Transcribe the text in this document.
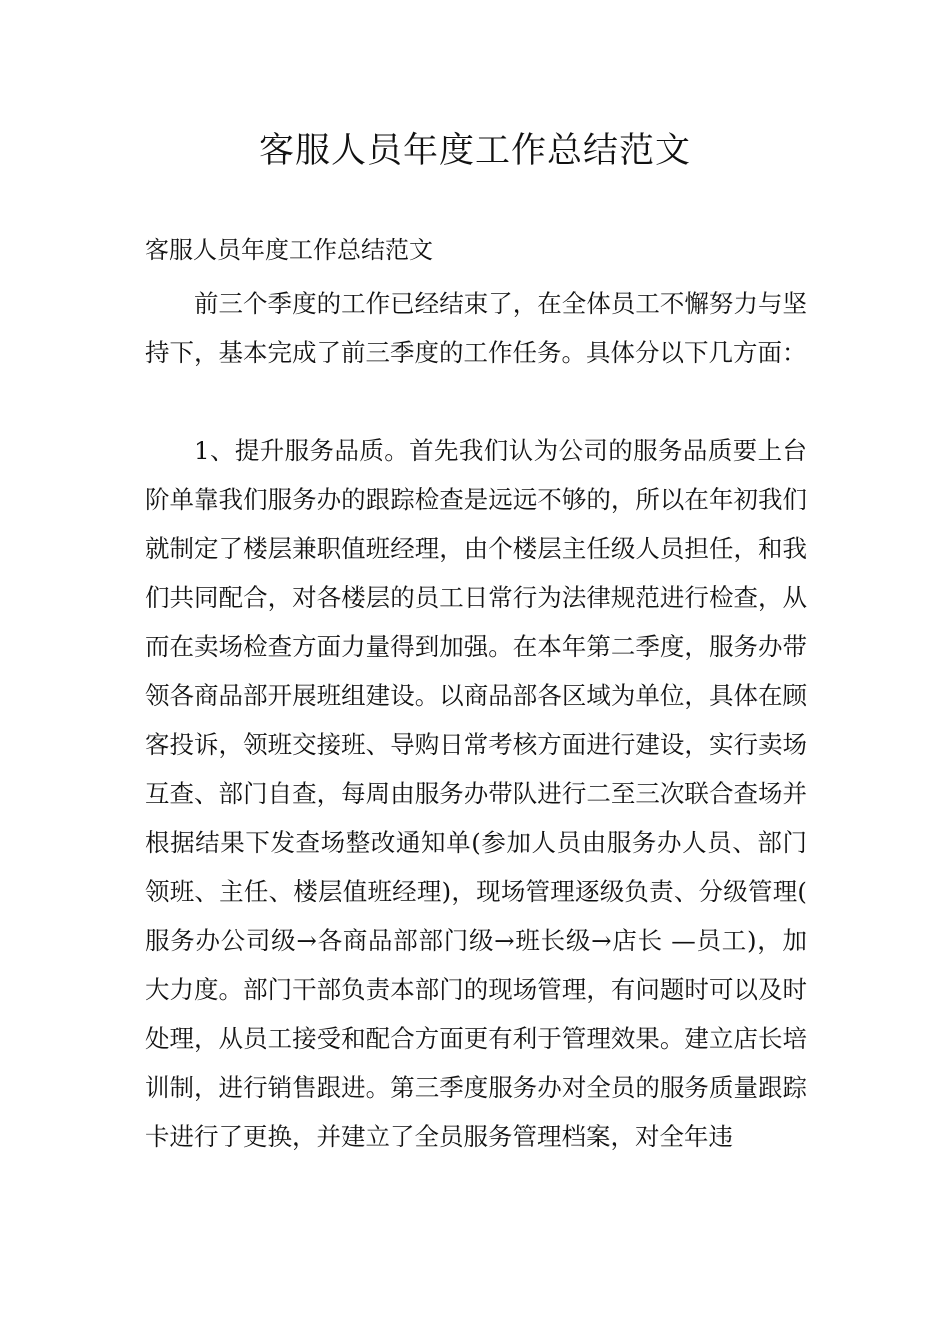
客服人员年度工作总结范文

客服人员年度工作总结范文

前三个季度的工作已经结束了，在全体员工不懈努力与坚持下，基本完成了前三季度的工作任务。具体分以下几方面：

1、提升服务品质。首先我们认为公司的服务品质要上台阶单靠我们服务办的跟踪检查是远远不够的，所以在年初我们就制定了楼层兼职值班经理，由个楼层主任级人员担任，和我们共同配合，对各楼层的员工日常行为法律规范进行检查，从而在卖场检查方面力量得到加强。在本年第二季度，服务办带领各商品部开展班组建设。以商品部各区域为单位，具体在顾客投诉，领班交接班、导购日常考核方面进行建设，实行卖场互查、部门自查，每周由服务办带队进行二至三次联合查场并根据结果下发查场整改通知单(参加人员由服务办人员、部门领班、主任、楼层值班经理)，现场管理逐级负责、分级管理(服务办公司级→各商品部部门级→班长级→店长 —员工)，加大力度。部门干部负责本部门的现场管理，有问题时可以及时处理，从员工接受和配合方面更有利于管理效果。建立店长培训制，进行销售跟进。第三季度服务办对全员的服务质量跟踪卡进行了更换，并建立了全员服务管理档案，对全年违
